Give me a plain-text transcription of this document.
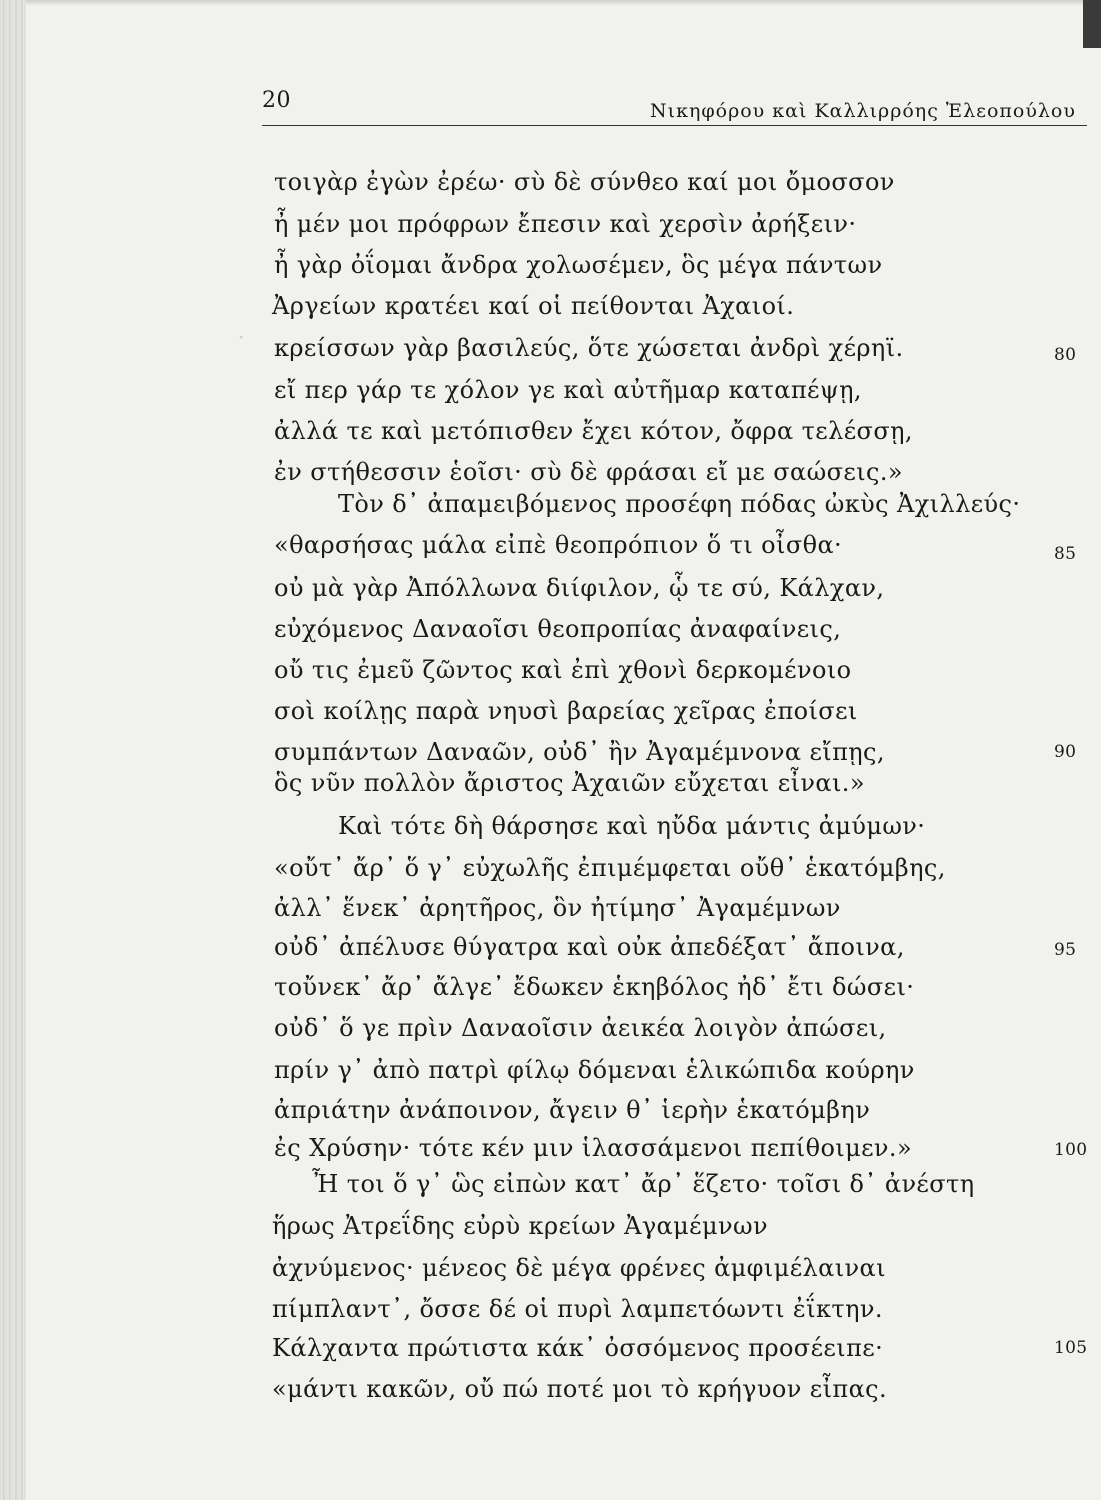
·
20	Νικηφόρου καὶ Καλλιρρόης Ἐλεοπούλου
τοιγὰρ ἐγὼν ἐρέω· σὺ δὲ σύνθεο καί μοι ὄμοσσον
ἦ μέν μοι πρόφρων ἔπεσιν καὶ χερσὶν ἀρήξειν·
ἦ γὰρ ὀΐομαι ἄνδρα χολωσέμεν, ὃς μέγα πάντων
Ἀργείων κρατέει καί οἱ πείθονται Ἀχαιοί.
κρείσσων γὰρ βασιλεύς, ὅτε χώσεται ἀνδρὶ χέρηϊ.
εἴ περ γάρ τε χόλον γε καὶ αὐτῆμαρ καταπέψῃ,
ἀλλά τε καὶ μετόπισθεν ἔχει κότον, ὄφρα τελέσσῃ,
ἐν στήθεσσιν ἑοῖσι· σὺ δὲ φράσαι εἴ με σαώσεις.»
Τὸν δ᾽ ἀπαμειβόμενος προσέφη πόδας ὠκὺς Ἀχιλλεύς·
«θαρσήσας μάλα εἰπὲ θεοπρόπιον ὅ τι οἶσθα·
οὐ μὰ γὰρ Ἀπόλλωνα διίφιλον, ᾧ τε σύ, Κάλχαν,
εὐχόμενος Δαναοῖσι θεοπροπίας ἀναφαίνεις,
οὔ τις ἐμεῦ ζῶντος καὶ ἐπὶ χθονὶ δερκομένοιο
σοὶ κοίλῃς παρὰ νηυσὶ βαρείας χεῖρας ἐποίσει
συμπάντων Δαναῶν, οὐδ᾽ ἢν Ἀγαμέμνονα εἴπῃς,
ὃς νῦν πολλὸν ἄριστος Ἀχαιῶν εὔχεται εἶναι.»
Καὶ τότε δὴ θάρσησε καὶ ηὔδα μάντις ἀμύμων·
«οὔτ᾽ ἄρ᾽ ὅ γ᾽ εὐχωλῆς ἐπιμέμφεται οὔθ᾽ ἑκατόμβης,
ἀλλ᾽ ἕνεκ᾽ ἀρητῆρος, ὃν ἠτίμησ᾽ Ἀγαμέμνων
οὐδ᾽ ἀπέλυσε θύγατρα καὶ οὐκ ἀπεδέξατ᾽ ἄποινα,
τοὔνεκ᾽ ἄρ᾽ ἄλγε᾽ ἔδωκεν ἑκηβόλος ἠδ᾽ ἔτι δώσει·
οὐδ᾽ ὅ γε πρὶν Δαναοῖσιν ἀεικέα λοιγὸν ἀπώσει,
πρίν γ᾽ ἀπὸ πατρὶ φίλῳ δόμεναι ἑλικώπιδα κούρην
ἀπριάτην ἀνάποινον, ἄγειν θ᾽ ἱερὴν ἑκατόμβην
ἐς Χρύσην· τότε κέν μιν ἱλασσάμενοι πεπίθοιμεν.»
Ἦ τοι ὅ γ᾽ ὣς εἰπὼν κατ᾽ ἄρ᾽ ἕζετο· τοῖσι δ᾽ ἀνέστη
ἥρως Ἀτρεΐδης εὐρὺ κρείων Ἀγαμέμνων
ἀχνύμενος· μένεος δὲ μέγα φρένες ἀμφιμέλαιναι
πίμπλαντ᾽, ὄσσε δέ οἱ πυρὶ λαμπετόωντι ἐΐκτην.
Κάλχαντα πρώτιστα κάκ᾽ ὀσσόμενος προσέειπε·
«μάντι κακῶν, οὔ πώ ποτέ μοι τὸ κρήγυον εἶπας.
80
85
90
95
100
105
